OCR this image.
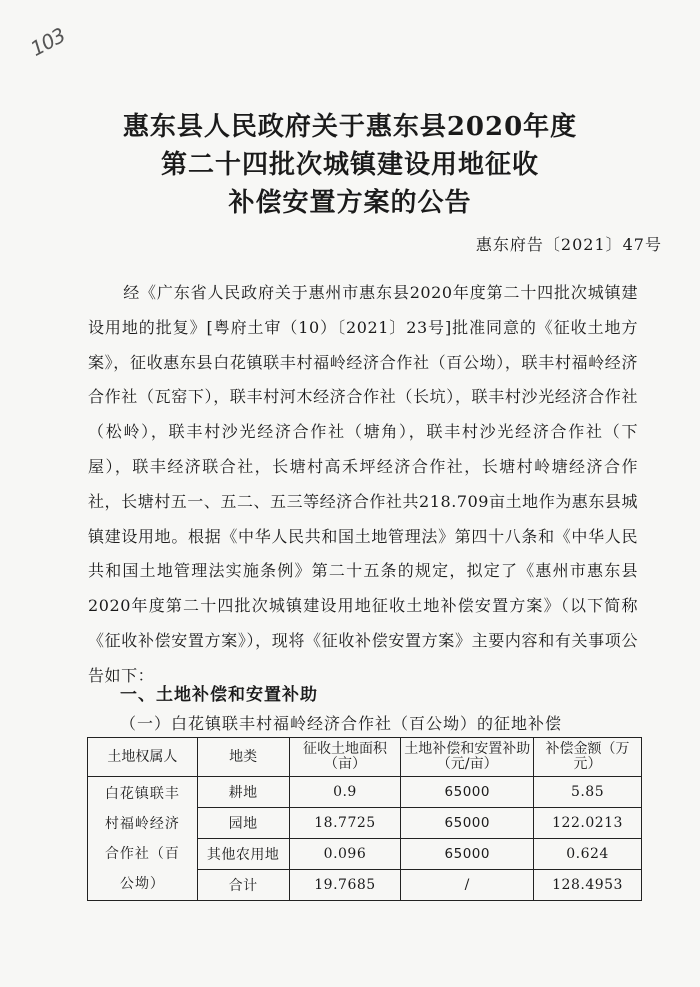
103
惠东县人民政府关于惠东县2020年度
第二十四批次城镇建设用地征收
补偿安置方案的公告
惠东府告〔2021〕47号
经《广东省人民政府关于惠州市惠东县2020年度第二十四批次城镇建设用地的批复》[粤府土审（10）〔2021〕23号]批准同意的《征收土地方案》，征收惠东县白花镇联丰村福岭经济合作社（百公坳），联丰村福岭经济合作社（瓦窑下），联丰村河木经济合作社（长坑），联丰村沙光经济合作社（松岭），联丰村沙光经济合作社（塘角），联丰村沙光经济合作社（下屋），联丰经济联合社，长塘村高禾坪经济合作社，长塘村岭塘经济合作社，长塘村五一、五二、五三等经济合作社共218.709亩土地作为惠东县城镇建设用地。根据《中华人民共和国土地管理法》第四十八条和《中华人民共和国土地管理法实施条例》第二十五条的规定，拟定了《惠州市惠东县2020年度第二十四批次城镇建设用地征收土地补偿安置方案》（以下简称《征收补偿安置方案》），现将《征收补偿安置方案》主要内容和有关事项公告如下：
一、土地补偿和安置补助
（一）白花镇联丰村福岭经济合作社（百公坳）的征地补偿
土地权属人	地类	征收土地面积（亩）	土地补偿和安置补助（元/亩）	补偿金额（万元）
白花镇联丰村福岭经济合作社（百公坳）	耕地	0.9	65000	5.85
	园地	18.7725	65000	122.0213
	其他农用地	0.096	65000	0.624
	合计	19.7685	/	128.4953
